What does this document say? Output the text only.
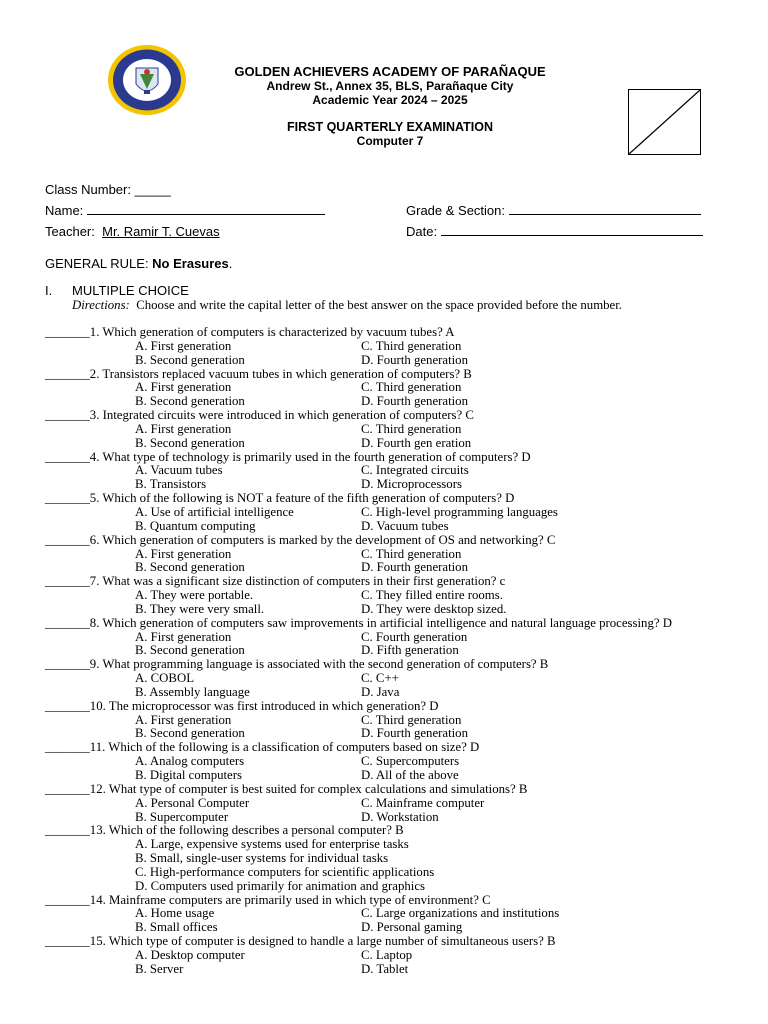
GOLDEN ACHIEVERS ACADEMY OF PARAÑAQUE
Andrew St., Annex 35, BLS, Parañaque City
Academic Year 2024 – 2025
FIRST QUARTERLY EXAMINATION
Computer 7
Class Number: _____
Name:	Grade & Section:
Teacher: Mr. Ramir T. Cuevas	Date:
GENERAL RULE: No Erasures.
I. MULTIPLE CHOICE
Directions: Choose and write the capital letter of the best answer on the space provided before the number.
_______1. Which generation of computers is characterized by vacuum tubes? A
A. First generation	C. Third generation
B. Second generation	D. Fourth generation
_______2. Transistors replaced vacuum tubes in which generation of computers? B
A. First generation	C. Third generation
B. Second generation	D. Fourth generation
_______3. Integrated circuits were introduced in which generation of computers? C
A. First generation	C. Third generation
B. Second generation	D. Fourth gen eration
_______4. What type of technology is primarily used in the fourth generation of computers? D
A. Vacuum tubes	C. Integrated circuits
B. Transistors	D. Microprocessors
_______5. Which of the following is NOT a feature of the fifth generation of computers? D
A. Use of artificial intelligence	C. High-level programming languages
B. Quantum computing	D. Vacuum tubes
_______6. Which generation of computers is marked by the development of OS and networking? C
A. First generation	C. Third generation
B. Second generation	D. Fourth generation
_______7. What was a significant size distinction of computers in their first generation? c
A. They were portable.	C. They filled entire rooms.
B. They were very small.	D. They were desktop sized.
_______8. Which generation of computers saw improvements in artificial intelligence and natural language processing? D
A. First generation	C. Fourth generation
B. Second generation	D. Fifth generation
_______9. What programming language is associated with the second generation of computers? B
A. COBOL	C. C++
B. Assembly language	D. Java
_______10. The microprocessor was first introduced in which generation? D
A. First generation	C. Third generation
B. Second generation	D. Fourth generation
_______11. Which of the following is a classification of computers based on size? D
A. Analog computers	C. Supercomputers
B. Digital computers	D. All of the above
_______12. What type of computer is best suited for complex calculations and simulations? B
A. Personal Computer	C. Mainframe computer
B. Supercomputer	D. Workstation
_______13. Which of the following describes a personal computer? B
A. Large, expensive systems used for enterprise tasks
B. Small, single-user systems for individual tasks
C. High-performance computers for scientific applications
D. Computers used primarily for animation and graphics
_______14. Mainframe computers are primarily used in which type of environment? C
A. Home usage	C. Large organizations and institutions
B. Small offices	D. Personal gaming
_______15. Which type of computer is designed to handle a large number of simultaneous users? B
A. Desktop computer	C. Laptop
B. Server	D. Tablet
